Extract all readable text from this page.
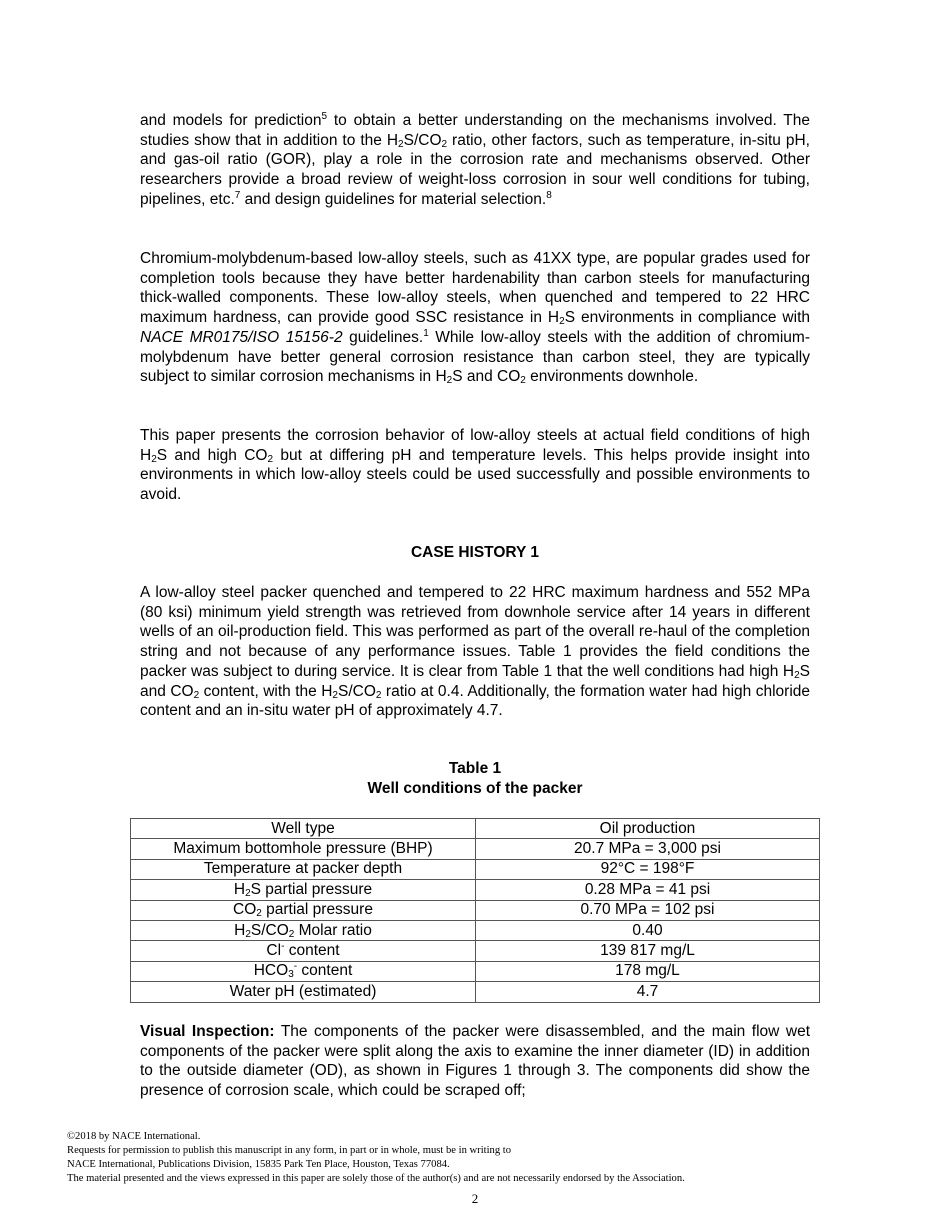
and models for prediction$^5$ to obtain a better understanding on the mechanisms involved. The studies show that in addition to the $H_2S/CO_2$ ratio, other factors, such as temperature, in-situ pH, and gas-oil ratio (GOR), play a role in the corrosion rate and mechanisms observed. Other researchers provide a broad review of weight-loss corrosion in sour well conditions for tubing, pipelines, etc.$^7$ and design guidelines for material selection.$^8$

Chromium-molybdenum-based low-alloy steels, such as 41XX type, are popular grades used for completion tools because they have better hardenability than carbon steels for manufacturing thick-walled components. These low-alloy steels, when quenched and tempered to 22 HRC maximum hardness, can provide good SSC resistance in $H_2S$ environments in compliance with NACE MR0175/ISO 15156-2 guidelines.$^1$ While low-alloy steels with the addition of chromium-molybdenum have better general corrosion resistance than carbon steel, they are typically subject to similar corrosion mechanisms in $H_2S$ and $CO_2$ environments downhole.

This paper presents the corrosion behavior of low-alloy steels at actual field conditions of high $H_2S$ and high $CO_2$ but at differing pH and temperature levels. This helps provide insight into environments in which low-alloy steels could be used successfully and possible environments to avoid.

CASE HISTORY 1

A low-alloy steel packer quenched and tempered to 22 HRC maximum hardness and 552 MPa (80 ksi) minimum yield strength was retrieved from downhole service after 14 years in different wells of an oil-production field. This was performed as part of the overall re-haul of the completion string and not because of any performance issues. Table 1 provides the field conditions the packer was subject to during service. It is clear from Table 1 that the well conditions had high $H_2S$ and $CO_2$ content, with the $H_2S/CO_2$ ratio at 0.4. Additionally, the formation water had high chloride content and an in-situ water pH of approximately 4.7.

Table 1
Well conditions of the packer
Well type	Oil production
Maximum bottomhole pressure (BHP)	20.7 MPa = 3,000 psi
Temperature at packer depth	92°C = 198°F
$H_2S$ partial pressure	0.28 MPa = 41 psi
$CO_2$ partial pressure	0.70 MPa = 102 psi
$H_2S/CO_2$ Molar ratio	0.40
Cl- content	139 817 mg/L
$HCO_3^-$ content	178 mg/L
Water pH (estimated)	4.7

Visual Inspection: The components of the packer were disassembled, and the main flow wet components of the packer were split along the axis to examine the inner diameter (ID) in addition to the outside diameter (OD), as shown in Figures 1 through 3. The components did show the presence of corrosion scale, which could be scraped off;

©2018 by NACE International.
Requests for permission to publish this manuscript in any form, in part or in whole, must be in writing to
NACE International, Publications Division, 15835 Park Ten Place, Houston, Texas 77084.
The material presented and the views expressed in this paper are solely those of the author(s) and are not necessarily endorsed by the Association.
2
